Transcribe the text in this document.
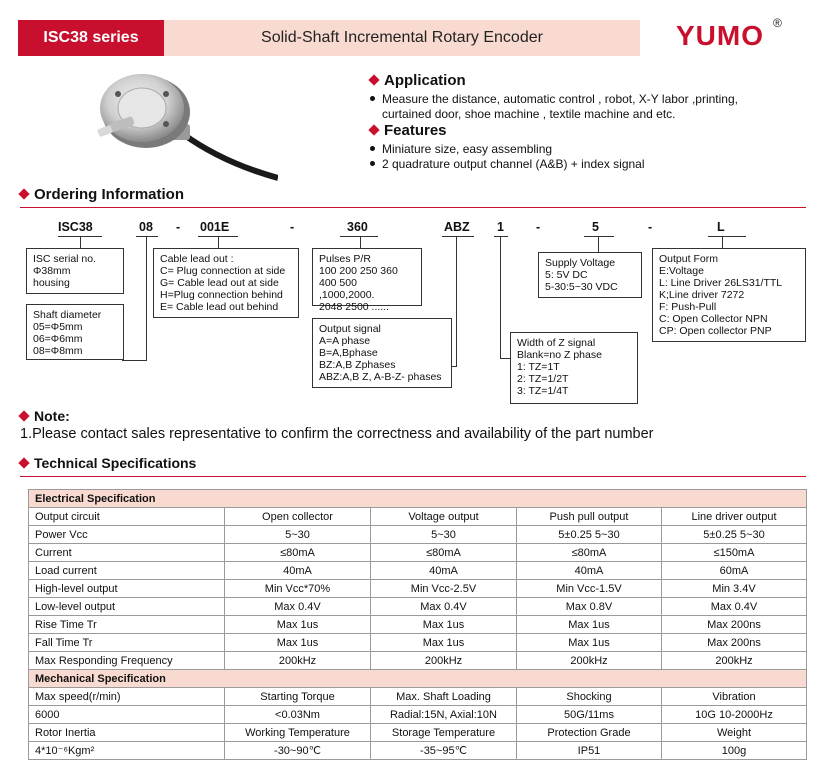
ISC38 series	Solid-Shaft Incremental Rotary Encoder	YUMO ®
Application
Measure the distance, automatic control , robot, X-Y labor ,printing,
curtained door, shoe machine , textile machine and etc.
Features
Miniature size, easy assembling
2 quadrature output channel (A&B) + index signal
Ordering Information
ISC38	08 - 001E	-	360	ABZ 1	-	5	-	L
ISC serial no.
Φ38mm
housing
Shaft diameter
05=Φ5mm
06=Φ6mm
08=Φ8mm
Cable lead out :
C= Plug connection at side
G= Cable lead out at side
H=Plug connection behind
E= Cable lead out behind
Pulses P/R
100 200 250 360
400 500 ,1000,2000.
2048 2500 ......
Output signal
A=A phase
B=A,Bphase
BZ:A,B Zphases
ABZ:A,B Z, A-B-Z- phases
Supply Voltage
5: 5V DC
5-30:5~30 VDC
Width of Z signal
Blank=no Z phase
1: TZ=1T
2: TZ=1/2T
3: TZ=1/4T
Output Form
E:Voltage
L: Line Driver 26LS31/TTL
K;Line driver 7272
F: Push-Pull
C: Open Collector NPN
CP: Open collector PNP
Note:
1.Please contact sales representative to confirm the correctness and availability of the part number
Technical Specifications
Electrical Specification				
Output circuit	Open collector	Voltage output	Push pull output	Line driver output
Power Vcc	5~30	5~30	5±0.25 5~30	5±0.25 5~30
Current	≤80mA	≤80mA	≤80mA	≤150mA
Load current	40mA	40mA	40mA	60mA
High-level output	Min Vcc*70%	Min Vcc-2.5V	Min Vcc-1.5V	Min 3.4V
Low-level output	Max 0.4V	Max 0.4V	Max 0.8V	Max 0.4V
Rise Time Tr	Max 1us	Max 1us	Max 1us	Max 200ns
Fall Time Tr	Max 1us	Max 1us	Max 1us	Max 200ns
Max Responding Frequency	200kHz	200kHz	200kHz	200kHz
Mechanical Specification				
Max speed(r/min)	Starting Torque	Max. Shaft Loading	Shocking	Vibration
6000	<0.03Nm	Radial:15N, Axial:10N	50G/11ms	10G 10-2000Hz
Rotor Inertia	Working Temperature	Storage Temperature	Protection Grade	Weight
4*10⁻⁶Kgm²	-30~90℃	-35~95℃	IP51	100g
